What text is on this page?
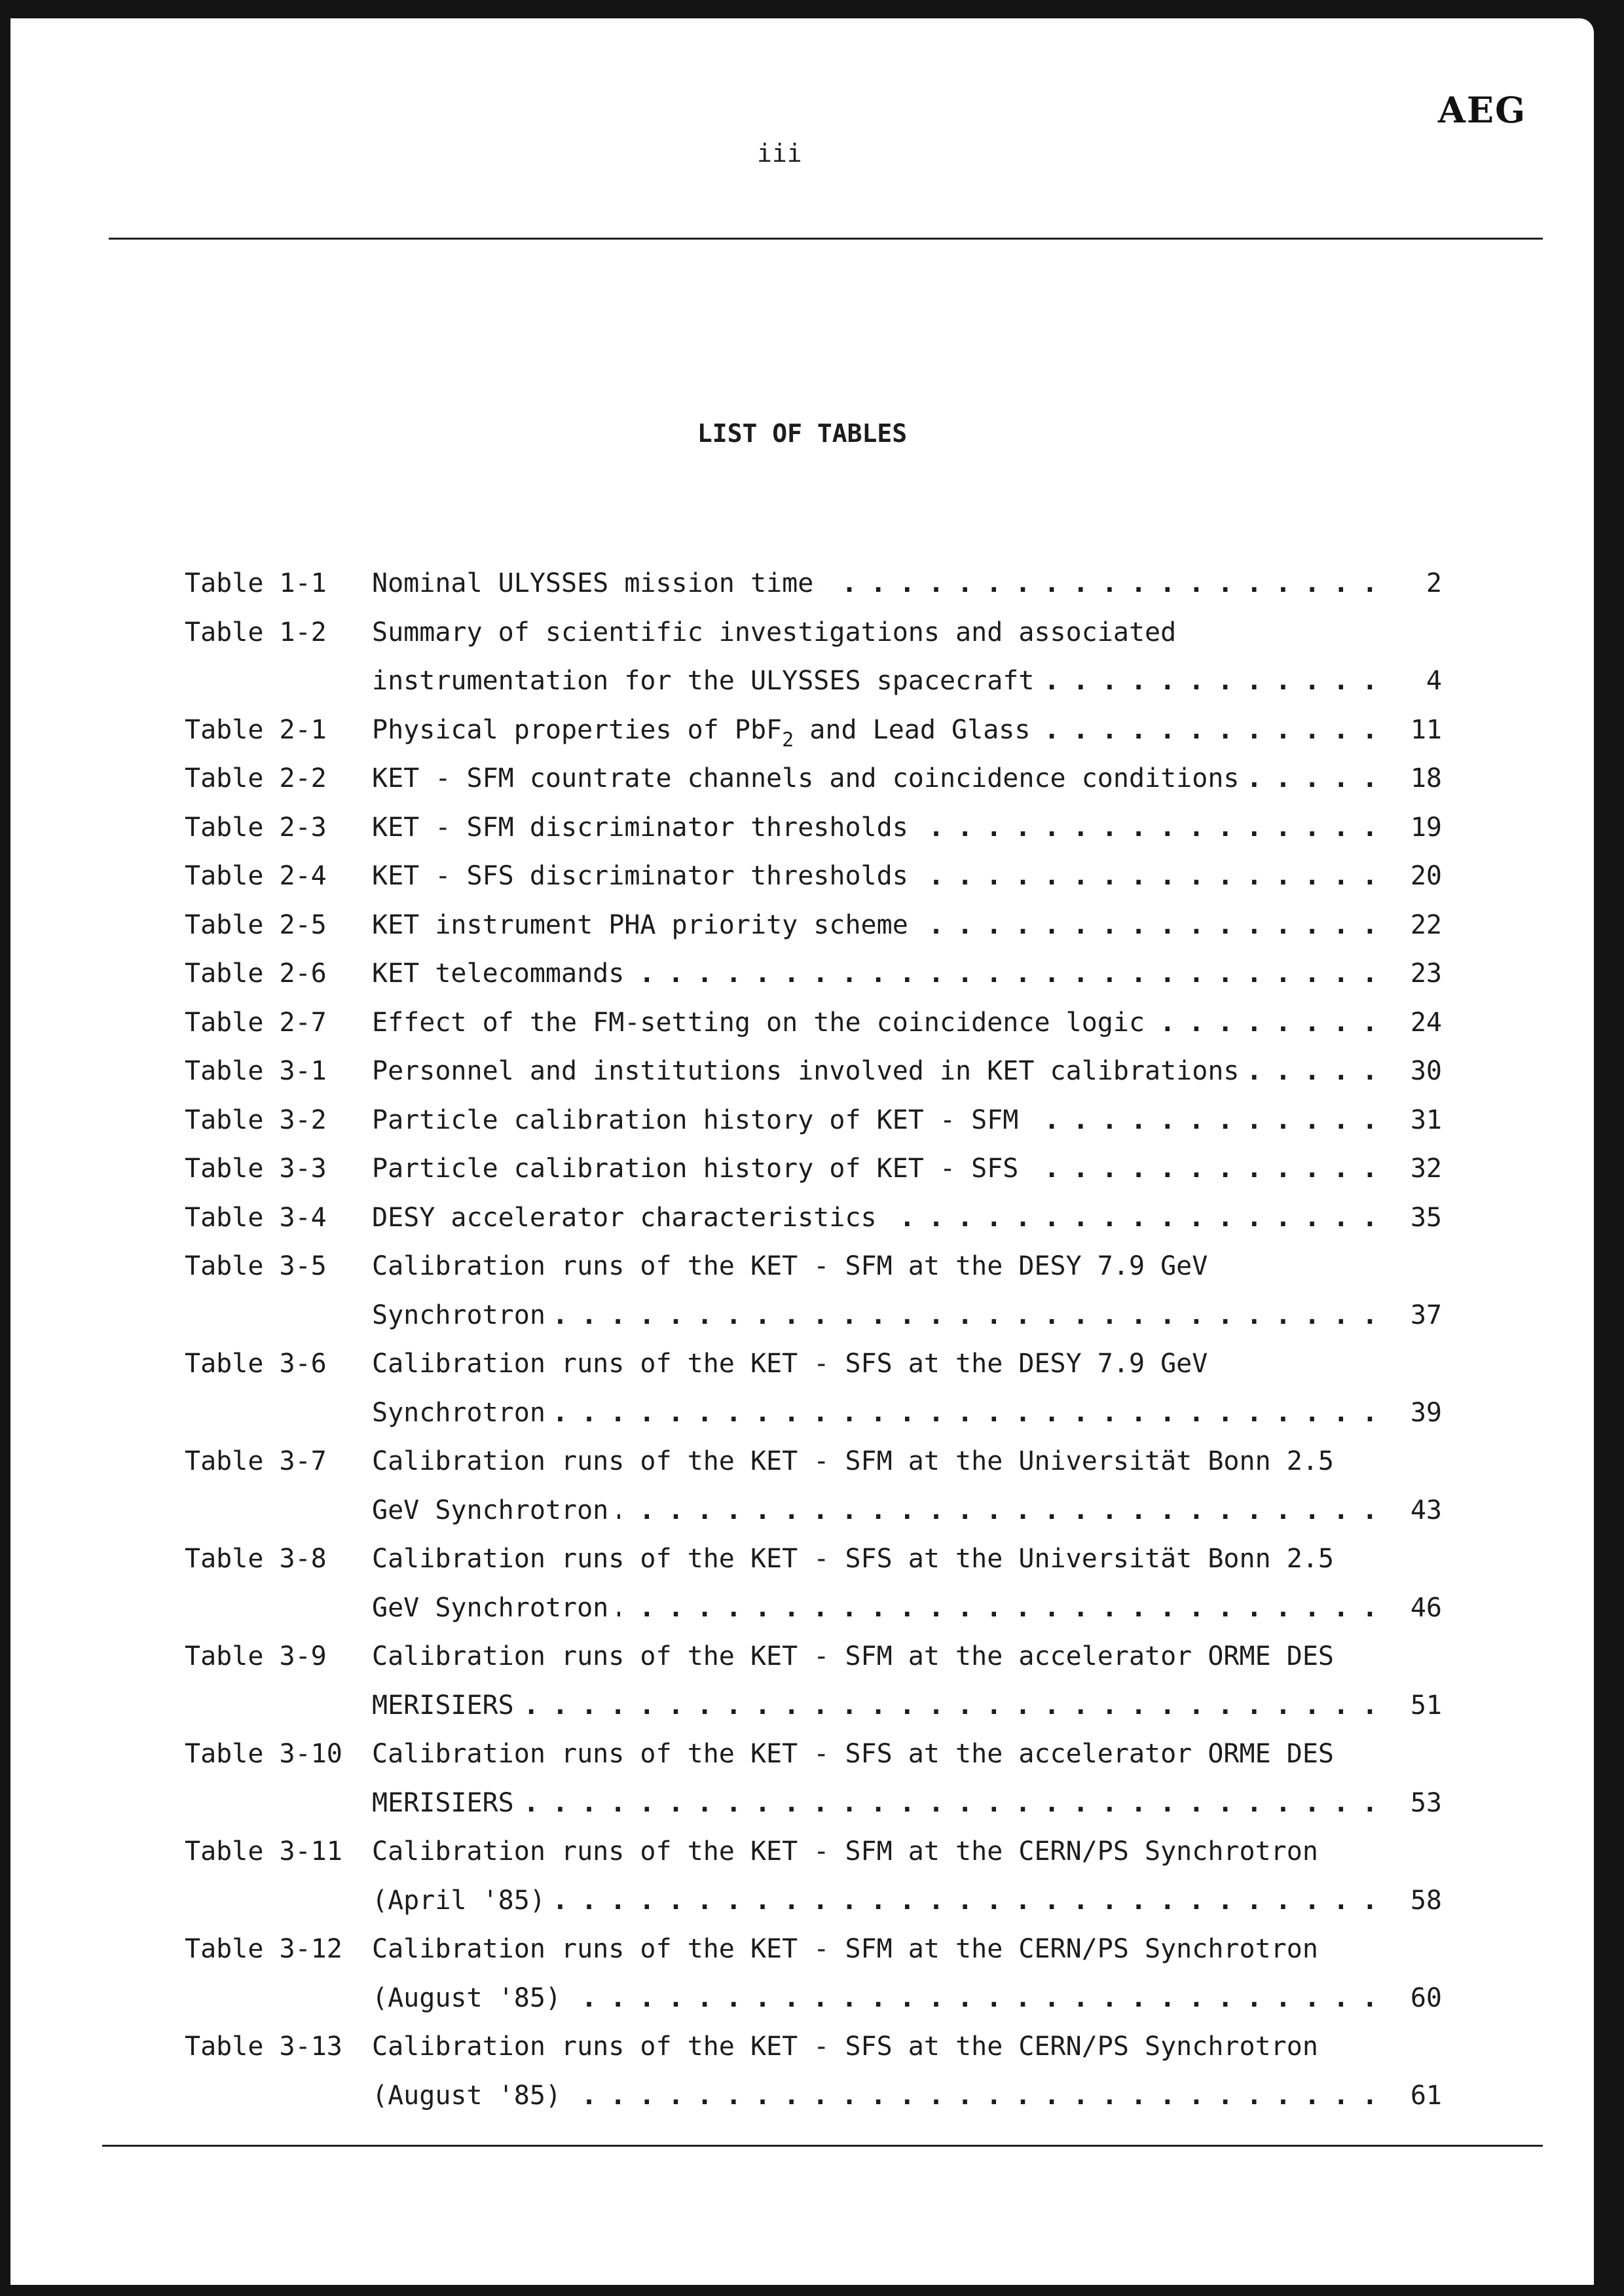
AEG
iii
LIST OF TABLES
Table 1-1 Nominal ULYSSES mission time . . .	2
Table 1-2 Summary of scientific investigations and associated
instrumentation for the ULYSSES spacecraft . . .	4
Table 2-1 Physical properties of PbF$_2$ and Lead Glass . . .	11
Table 2-2 KET - SFM countrate channels and coincidence conditions . . .	18
Table 2-3 KET - SFM discriminator thresholds . . .	19
Table 2-4 KET - SFS discriminator thresholds . . .	20
Table 2-5 KET instrument PHA priority scheme . . .	22
Table 2-6 KET telecommands . . .	23
Table 2-7 Effect of the FM-setting on the coincidence logic . . .	24
Table 3-1 Personnel and institutions involved in KET calibrations . . .	30
Table 3-2 Particle calibration history of KET - SFM . . .	31
Table 3-3 Particle calibration history of KET - SFS . . .	32
Table 3-4 DESY accelerator characteristics . . .	35
Table 3-5 Calibration runs of the KET - SFM at the DESY 7.9 GeV
Synchrotron . . .	37
Table 3-6 Calibration runs of the KET - SFS at the DESY 7.9 GeV
Synchrotron . . .	39
Table 3-7 Calibration runs of the KET - SFM at the Universität Bonn 2.5
GeV Synchrotron . . .	43
Table 3-8 Calibration runs of the KET - SFS at the Universität Bonn 2.5
GeV Synchrotron . . .	46
Table 3-9 Calibration runs of the KET - SFM at the accelerator ORME DES
MERISIERS . . .	51
Table 3-10 Calibration runs of the KET - SFS at the accelerator ORME DES
MERISIERS . . .	53
Table 3-11 Calibration runs of the KET - SFM at the CERN/PS Synchrotron
(April '85) . . .	58
Table 3-12 Calibration runs of the KET - SFM at the CERN/PS Synchrotron
(August '85) . . .	60
Table 3-13 Calibration runs of the KET - SFS at the CERN/PS Synchrotron
(August '85) . . .	61
